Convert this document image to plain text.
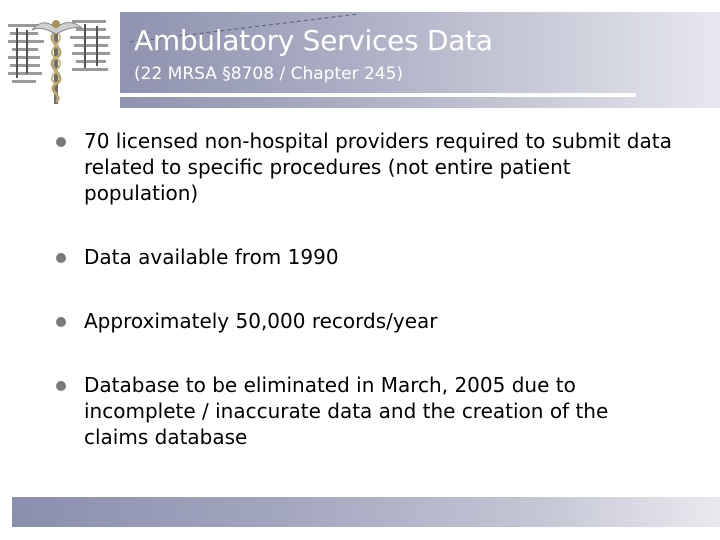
Ambulatory Services Data
(22 MRSA §8708 / Chapter 245)
70 licensed non-hospital providers required to submit data related to specific procedures (not entire patient population)
Data available from 1990
Approximately 50,000 records/year
Database to be eliminated in March, 2005 due to incomplete / inaccurate data and the creation of the claims database
